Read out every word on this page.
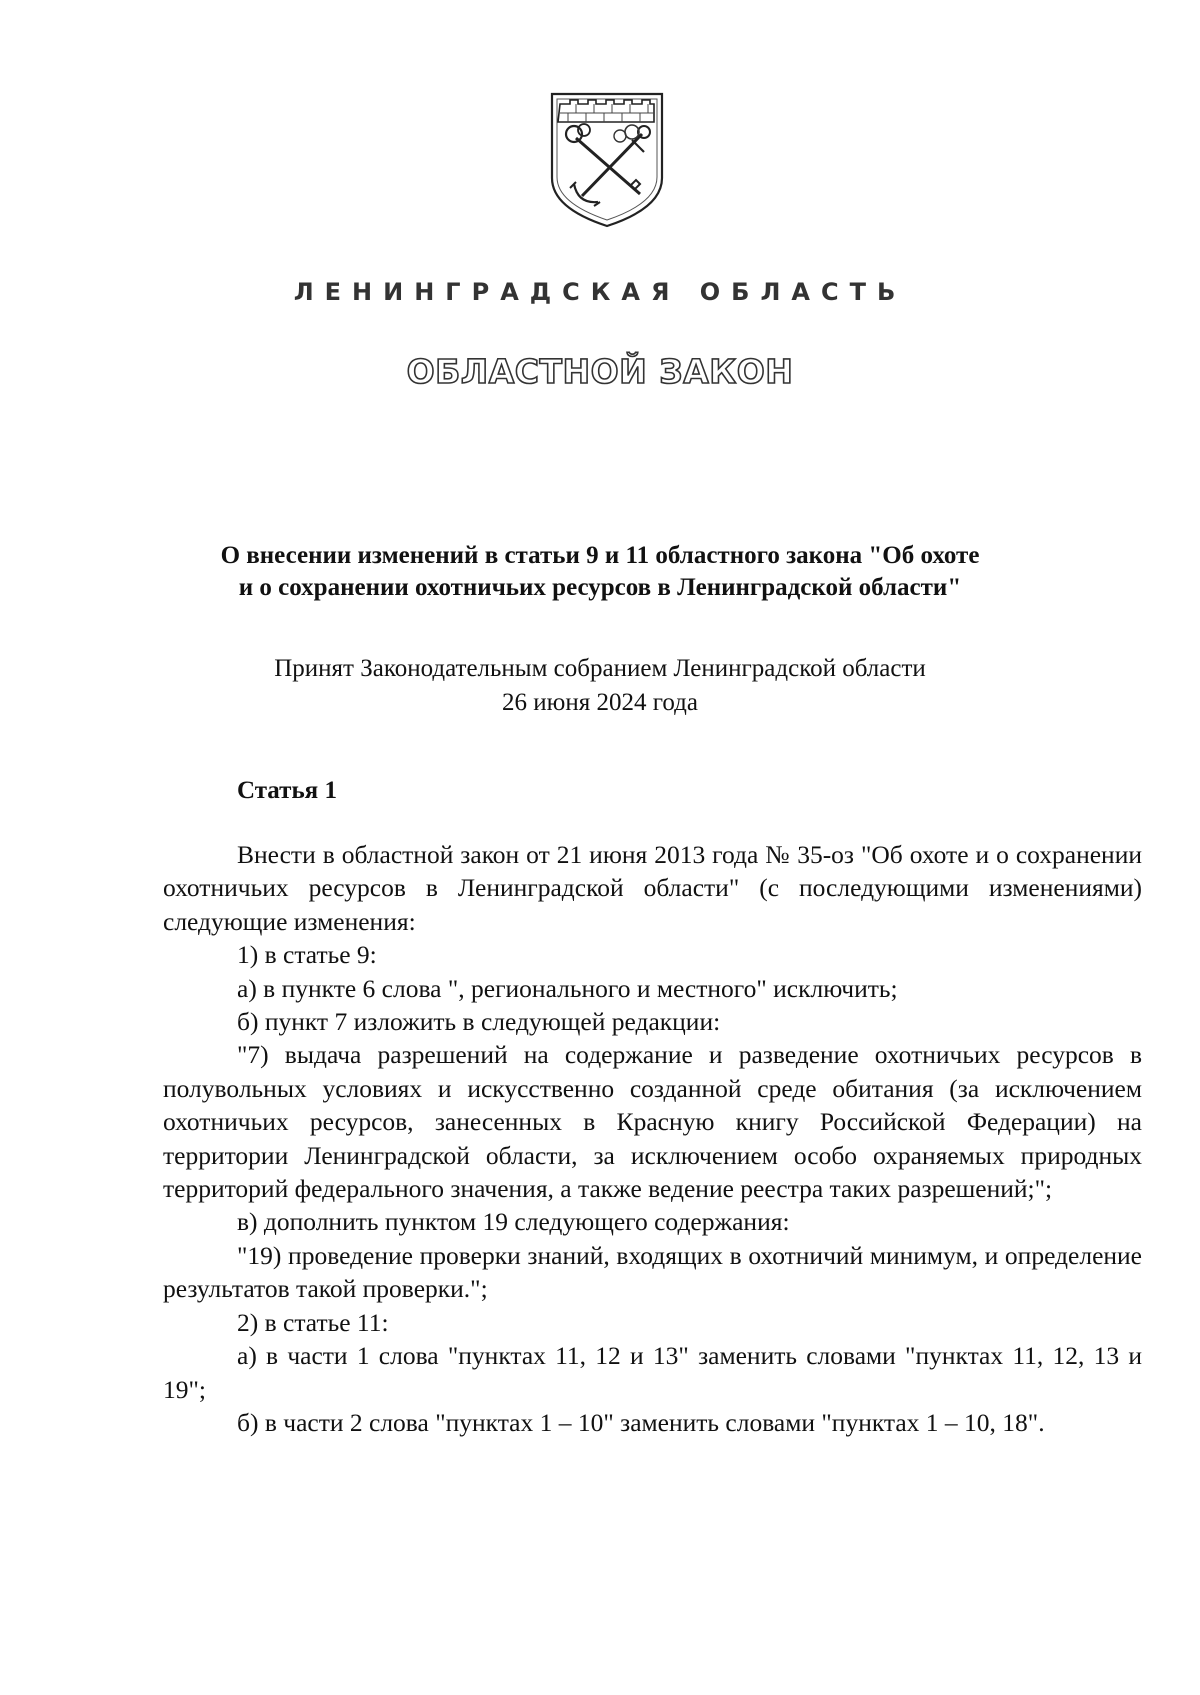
ЛЕНИНГРАДСКАЯ ОБЛАСТЬ
ОБЛАСТНОЙ ЗАКОН
О внесении изменений в статьи 9 и 11 областного закона "Об охоте
и о сохранении охотничьих ресурсов в Ленинградской области"
Принят Законодательным собранием Ленинградской области
26 июня 2024 года
Статья 1

Внести в областной закон от 21 июня 2013 года № 35-оз "Об охоте и о сохранении охотничьих ресурсов в Ленинградской области" (с последующими изменениями) следующие изменения:

1) в статье 9:

а) в пункте 6 слова ", регионального и местного" исключить;

б) пункт 7 изложить в следующей редакции:

"7) выдача разрешений на содержание и разведение охотничьих ресурсов в полувольных условиях и искусственно созданной среде обитания (за исключением охотничьих ресурсов, занесенных в Красную книгу Российской Федерации) на территории Ленинградской области, за исключением особо охраняемых природных территорий федерального значения, а также ведение реестра таких разрешений;";

в) дополнить пунктом 19 следующего содержания:

"19) проведение проверки знаний, входящих в охотничий минимум, и определение результатов такой проверки.";

2) в статье 11:

а) в части 1 слова "пунктах 11, 12 и 13" заменить словами "пунктах 11, 12, 13 и 19";

б) в части 2 слова "пунктах 1 – 10" заменить словами "пунктах 1 – 10, 18".
